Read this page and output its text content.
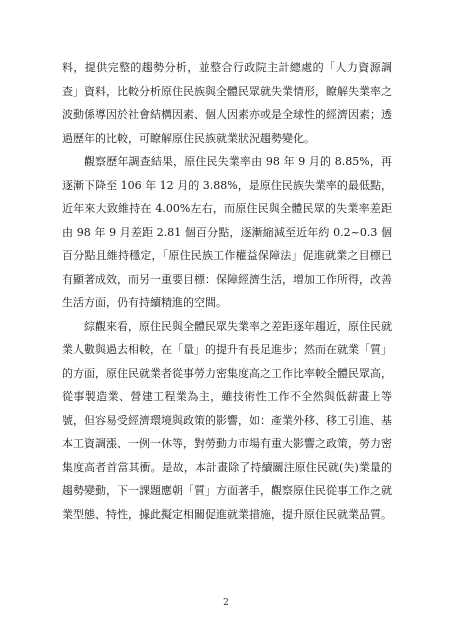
料，提供完整的趨勢分析，並整合行政院主計總處的「人力資源調查」資料，比較分析原住民族與全體民眾就失業情形，瞭解失業率之波動係導因於社會結構因素、個人因素亦或是全球性的經濟因素；透過歷年的比較，可瞭解原住民族就業狀況趨勢變化。

觀察歷年調查結果，原住民失業率由 98 年 9 月的 8.85%，再逐漸下降至 106 年 12 月的 3.88%，是原住民族失業率的最低點，近年來大致維持在 4.00%左右，而原住民與全體民眾的失業率差距由 98 年 9 月差距 2.81 個百分點，逐漸縮減至近年約 0.2~0.3 個百分點且維持穩定，「原住民族工作權益保障法」促進就業之目標已有顯著成效，而另一重要目標：保障經濟生活，增加工作所得，改善生活方面，仍有持續精進的空間。

綜觀來看，原住民與全體民眾失業率之差距逐年趨近，原住民就業人數與過去相較，在「量」的提升有長足進步；然而在就業「質」的方面，原住民就業者從事勞力密集度高之工作比率較全體民眾高，從事製造業、營建工程業為主，雖技術性工作不全然與低薪畫上等號，但容易受經濟環境與政策的影響，如：產業外移、移工引進、基本工資調漲、一例一休等，對勞動力市場有重大影響之政策，勞力密集度高者首當其衝。是故，本計畫除了持續關注原住民就(失)業量的趨勢變動，下一課題應朝「質」方面著手，觀察原住民從事工作之就業型態、特性，據此擬定相關促進就業措施，提升原住民就業品質。

2
